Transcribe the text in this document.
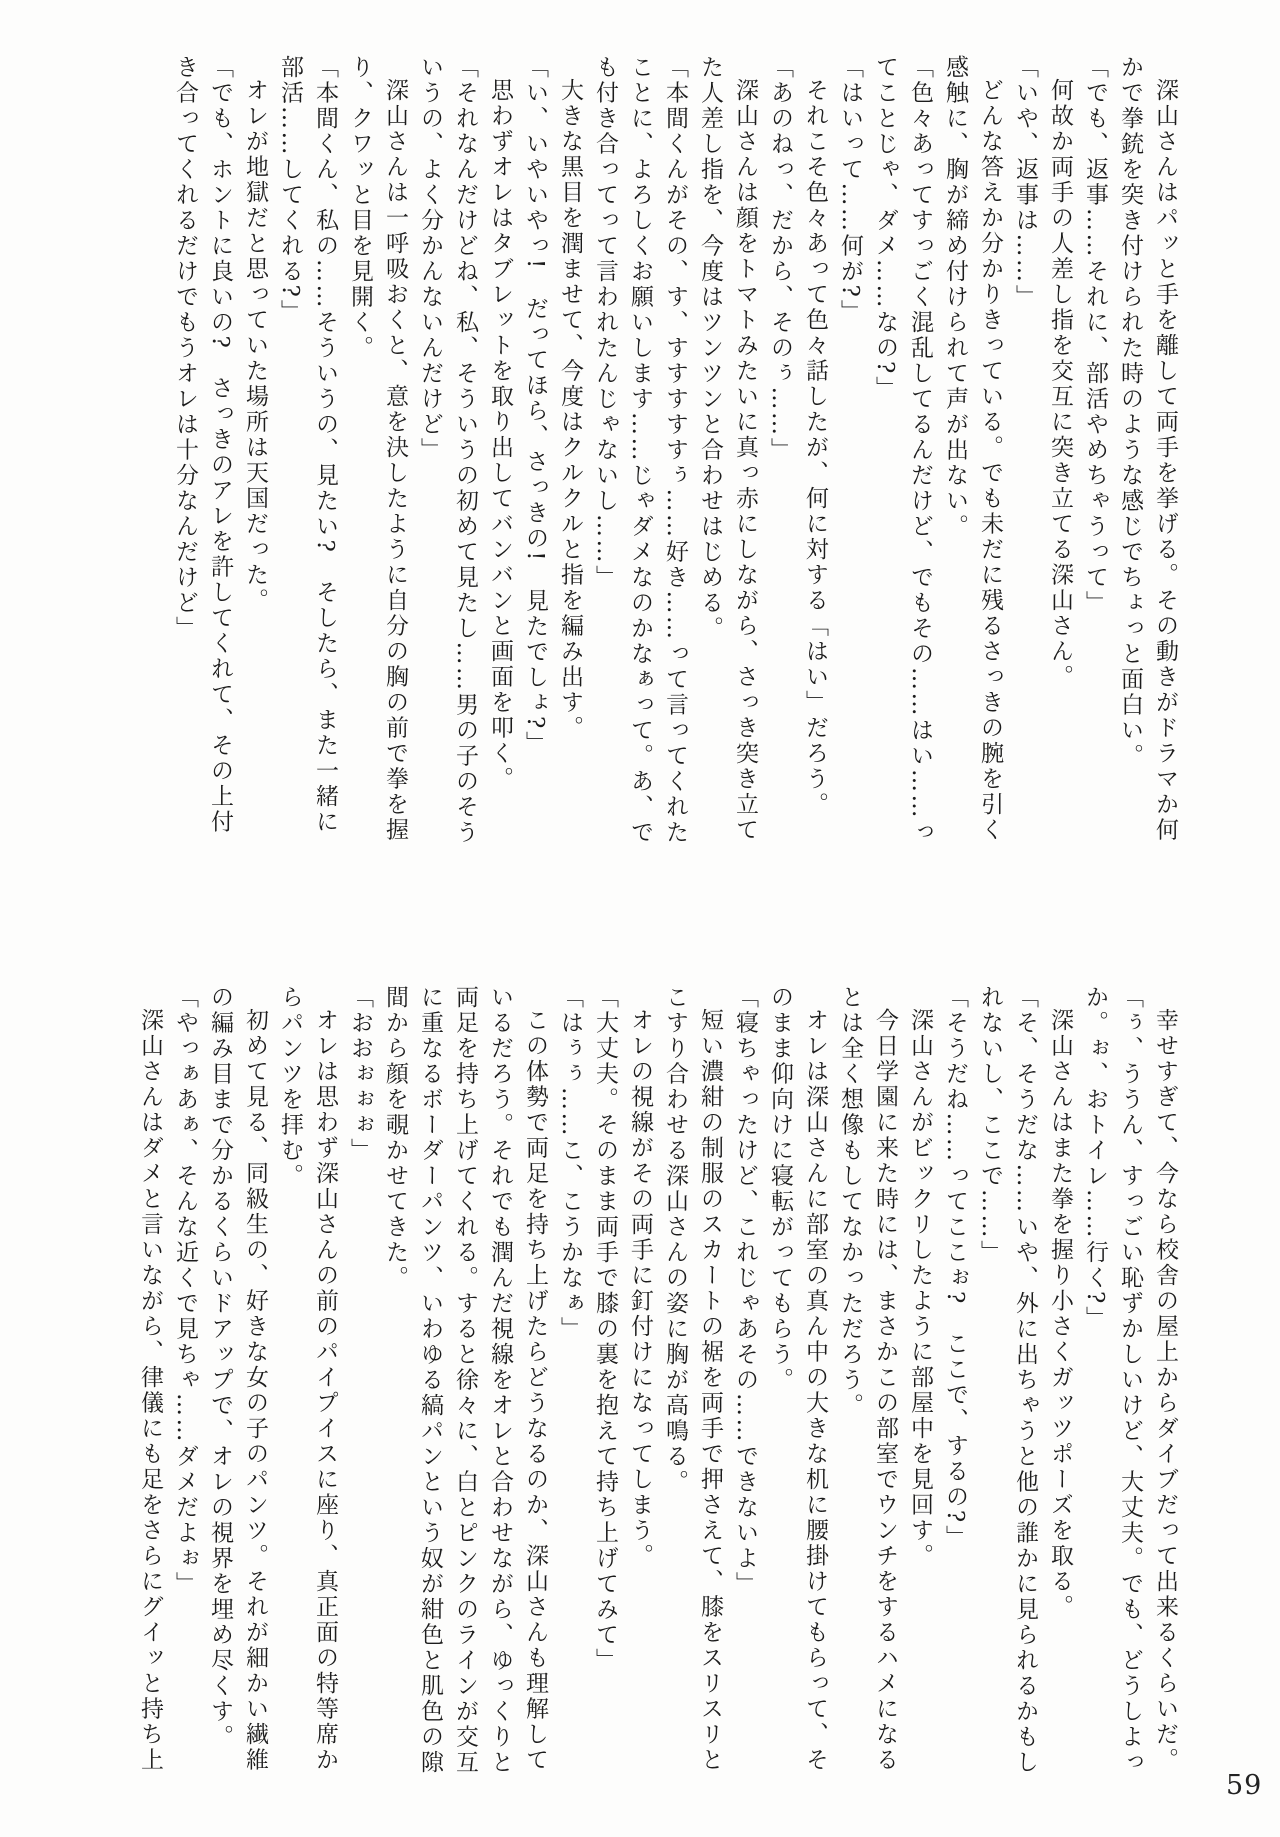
深山さんはパッと手を離して両手を挙げる。その動きがドラマか何かで拳銃を突き付けられた時のような感じでちょっと面白い。

「でも、返事……それに、部活やめちゃうって」

何故か両手の人差し指を交互に突き立てる深山さん。

「いや、返事は……」

どんな答えか分かりきっている。でも未だに残るさっきの腕を引く感触に、胸が締め付けられて声が出ない。

「色々あってすっごく混乱してるんだけど、でもその……はい……ってことじゃ、ダメ……なの?」

「はいって……何が?」

それこそ色々あって色々話したが、何に対する「はい」だろう。

「あのねっ、だから、そのぅ……」

深山さんは顔をトマトみたいに真っ赤にしながら、さっき突き立てた人差し指を、今度はツンツンと合わせはじめる。

「本間くんがその、す、すすすすすぅ……好き……って言ってくれたことに、よろしくお願いします……じゃダメなのかなぁって。あ、でも付き合ってって言われたんじゃないし……」

大きな黒目を潤ませて、今度はクルクルと指を編み出す。

「い、いやいやっ!　だってほら、さっきの!　見たでしょ?」

思わずオレはタブレットを取り出してバンバンと画面を叩く。

「それなんだけどね、私、そういうの初めて見たし……男の子のそういうの、よく分かんないんだけど」

深山さんは一呼吸おくと、意を決したように自分の胸の前で拳を握り、クワッと目を見開く。

「本間くん、私の……そういうの、見たい?　そしたら、また一緒に部活……してくれる?」

オレが地獄だと思っていた場所は天国だった。

「でも、ホントに良いの?　さっきのアレを許してくれて、その上付き合ってくれるだけでもうオレは十分なんだけど」

幸せすぎて、今なら校舎の屋上からダイブだって出来るくらいだ。

「ぅ、ううん、すっごい恥ずかしいけど、大丈夫。でも、どうしよっか。ぉ、おトイレ……行く?」

深山さんはまた拳を握り小さくガッツポーズを取る。

「そ、そうだな……いや、外に出ちゃうと他の誰かに見られるかもしれないし、ここで……」

「そうだね……ってここぉ?　ここで、するの?」

深山さんがビックリしたように部屋中を見回す。

今日学園に来た時には、まさかこの部室でウンチをするハメになるとは全く想像もしてなかっただろう。

オレは深山さんに部室の真ん中の大きな机に腰掛けてもらって、そのまま仰向けに寝転がってもらう。

「寝ちゃったけど、これじゃあその……できないよ」

短い濃紺の制服のスカートの裾を両手で押さえて、膝をスリスリとこすり合わせる深山さんの姿に胸が高鳴る。

オレの視線がその両手に釘付けになってしまう。

「大丈夫。そのまま両手で膝の裏を抱えて持ち上げてみて」

「はぅぅ……こ、こうかなぁ」

この体勢で両足を持ち上げたらどうなるのか、深山さんも理解しているだろう。それでも潤んだ視線をオレと合わせながら、ゆっくりと両足を持ち上げてくれる。すると徐々に、白とピンクのラインが交互に重なるボーダーパンツ、いわゆる縞パンという奴が紺色と肌色の隙間から顔を覗かせてきた。

「おおぉぉぉ」

オレは思わず深山さんの前のパイプイスに座り、真正面の特等席からパンツを拝む。

初めて見る、同級生の、好きな女の子のパンツ。それが細かい繊維の編み目まで分かるくらいドアップで、オレの視界を埋め尽くす。

「やっぁあぁ、そんな近くで見ちゃ……ダメだよぉ」

深山さんはダメと言いながら、律儀にも足をさらにグイッと持ち上

59
